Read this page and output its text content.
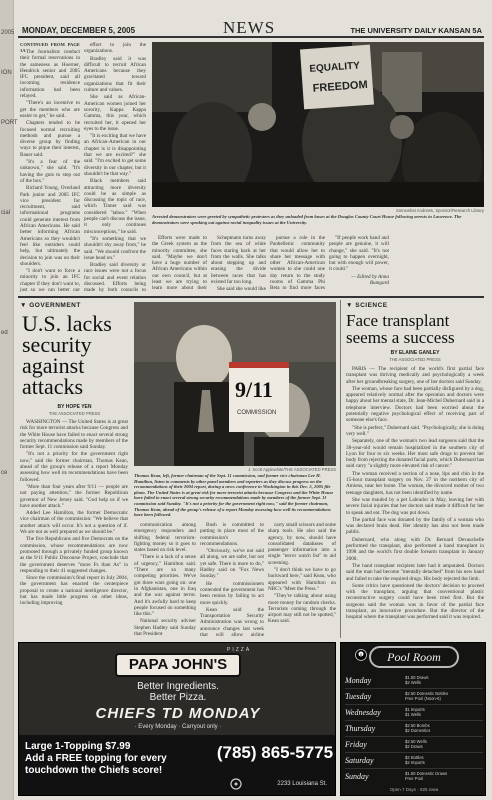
2005
ION
PORT
cial
ed
ce
MONDAY, DECEMBER 5, 2005	NEWS	THE UNIVERSITY DAILY KANSAN 5A
CONTINUED FROM PAGE 1A The Journalists conduct their formal reservations in the sameness as Hoerner, Hendrick senior and 2005 IFC president, said all incoming residence information had been relayed.

"There's an incentive to get the members who are easier to get," he said.

Chapters tended to be focused normal recruiting methods and pursue a diverse group by finding ways to pique their interest, Bauer said.

"It's a fear of the unknown," she said. "It's having the guts to step out of the box."

Richard Young, Overland Park junior and 2005 IFC vice president for recruitment, said informational programs could generate interest from African Americans. He said better informing African Americans so they wouldn't feel like outsiders could help, but ultimately the decision to join was on their shoulders.

"I don't want to force a minority to join an IFC chapter if they don't want to, just so we can better our

effort to join the organizations.

Bradley said it was difficult to recruit African Americans because they gravitated toward organizations that fit their culture and values.

She said as African-American women joined her sorority, Kappa Kappa Gamma, this year, which recruited her, it opened her eyes to the issue.

"It is exciting that we have an African-American in our chapter is it is disappointing that we are excited?" she said. "I'm excited to get some diversity in our chapter, but it shouldn't be that way."

Black members said attracting more diversity could be as simple as discussing the topic of race, which Tinner said was considered "taboo." "When people can't discuss the issue, it only continues misconceptions," he said.

"It's something that we shouldn't shy away from," he said. "We should confront the issue head on."

Bradley said diversity or race issues were not a focus for social and event relation discussed. Efforts being made by both councils to

EQUALITY
FREEDOM
Somewhat Andrews, Sponsor/Research Library
Arrested demonstrators were greeted by sympathetic protesters as they unloaded from buses at the Douglas County Court House following arrests in Lawrence. The demonstrators were speaking out against racial inequality issues at the University.

Efforts were made to the Greek system as the minority committee, she said. "Maybe we don't have a huge number of African Americans within our own council, but at least we are trying to learn more about their

Schepmann turns away from the sea of white faces staring back at her from the walls. She talks about stepping up and erasing the divide between races that has existed far too long.

She said she would like

pursue a role in the Panhellenic community that would allow her to share her message with other African-American women to she could one day return to the study rooms of Gamma Phi Beta to find more faces

"If people work hand and people are genuine, it will change," she said. "It's not going to happen overnight, but with enough will power, it could."

— Edited by Anna Bumgard

▼ GOVERNMENT
U.S. lacks
security
against
attacks
BY HOPE YEN
THE ASSOCIATED PRESS

WASHINGTON — The United States is at great risk for more terrorist attacks because Congress and the White House have failed to enact several strong security recommendations made by members of the former Sept. 11 commission said Sunday.

"It's not a priority for the government right now," said the former chairman, Thomas Kean, ahead of the group's release of a report Monday assessing how well its recommendations have been followed.

"More than four years after 9/11 — people are not paying attention," the former Republican governor of New Jersey said. "God help us if we have another attack."

Added Lee Hamilton, the former Democratic vice chairman of the commission: "We believe that another attack will occur. It's not a question of if. We are not as well prepared as we should be."

The five Republicans and five Democrats on the commission, whose recommendations are now promoted through a privately funded group known as the 9/11 Public Discourse Project, conclude that the government deserves "more Fs than As" in responding to their 41 suggested changes.

Since the commission's final report in July 2004, the government has enacted the centerpiece proposal to create a national intelligence director, but has made little progress on other ideas, including improving

9/11
COMMISSION
J. Scott Applewhite/THE ASSOCIATED PRESS
Thomas Kean, left, former chairman of the Sept. 11 commission, and former vice chairman Lee H. Hamilton, listen to comments by other panel members and reporters as they discuss progress on the recommendations of their 2004 report, during a news conference in Washington in this Dec. 5, 2005 file photo. The United States is at great risk for more terrorist attacks because Congress and the White House have failed to enact several strong security recommendations made by members of the former Sept. 11 commission said Sunday. "It's not a priority for the government right now," said the former chairman, Thomas Kean, ahead of the group's release of a report Monday assessing how well its recommendations have been followed.

communication among emergency responders and shifting federal terrorism-fighting money so it goes to states based on risk level.

"There is a lack of a sense of urgency," Hamilton said. "There are so many competing priorities. We've got three wars going on: one in Afghanistan, one in Iraq and the war against terror. And it's awfully hard to keep people focused on something like this."

National security adviser Stephen Hadley said Sunday that President

Bush is committed to putting in place most of the commission's recommendations.

"Obviously, we've not said all along, we are safer, but not yet safe. There is more to do," Hadley said on "Fox News Sunday."

He commissioners contended the government has been remiss by failing to act more quickly.

Kean said the Transportation Security Administration was wrong to announce changes last week that will allow airline

carry small scissors and some sharp tools. He also said the agency, by now, should have consolidated databases of passenger information into a single "terror watch list" to aid screening.

"I don't think we have to go backward here," said Kean, who appeared with Hamilton on NBC's "Meet the Press."

"They're talking about using more money for random checks. Terrorists coming through the airport may still not be spotted," Kean said.

▼ SCIENCE
Face transplant
seems a success
BY ELAINE GANLEY
THE ASSOCIATED PRESS

PARIS — The recipient of the world's first partial face transplant was thriving medically and psychologically a week after her groundbreaking surgery, one of her doctors said Sunday.

The woman, whose face had been partially disfigured by a dog, appeared relatively normal after the operation and doctors were happy about her mental state, Dr. Jean-Michel Dubernard said in a telephone interview. Doctors had been worried about the potentially negative psychological effect of receiving part of someone else's face.

"She is perfect," Dubernard said. "Psychologically, she is doing very well."

Separately, one of the woman's two lead surgeons said that the 38-year-old would remain hospitalized in the southern city of Lyon for four to six weeks. Her most safe drugs to prevent her body from rejecting the donated facial parts, which Dubernard has said carry "a slightly more elevated risk of cancer."

The woman received a section of a nose, lips and chin in the 15-hour transplant surgery on Nov. 27 in the northern city of Amiens, near her home. The woman, the divorced mother of two teenage daughters, has not been identified by name.

She was mauled by a pet Labrador in May, leaving her with severe facial injuries that her doctors said made it difficult for her to speak and eat. The dog was put down.

The partial face was donated by the family of a woman who was declared brain dead. Her identity has also not been made public.

Dubernard, who along with Dr. Bernard Devauchelle performed the transplant, also performed a hand transplant in 1998 and the world's first double forearm transplant in January 2000.

The hand transplant recipient later had it amputated. Doctors said the man had become "mentally detached" from his new hand and failed to take the required drugs. His body rejected the limb.

Some critics have questioned the doctors' decision to proceed with the transplant, arguing that conventional plastic reconstructive surgery could have been tried first. But the surgeons said the woman was in favor of the partial face transplant, an innovative procedure. But the director of the hospital where the transplant was performed said it was required.

PIZZA
PAPA JOHN'S
Better Ingredients.
Better Pizza.
CHIEFS TD MONDAY
· Every Monday · Carryout only ·
Large 1-Topping $7.99
Add a FREE topping for every
touchdown the Chiefs score!
(785) 865-5775
2233 Louisiana St.
Pool Room
8
Monday	$1.50 Draws
$2 Wells
Tuesday	$2.50 Domestic Bottles
Free Pool (Noon-6)
Wednesday	$1 Imports
$1 Wells
Thursday	$2.50 Bombs
$2 Domestics
Friday	$2.50 Wells
$2 Draws
Saturday	$2 Bottles
$2 Imports
Sunday	$1.50 Domestic Draws
Free Pool
Open 7 Days · 925 Iowa
